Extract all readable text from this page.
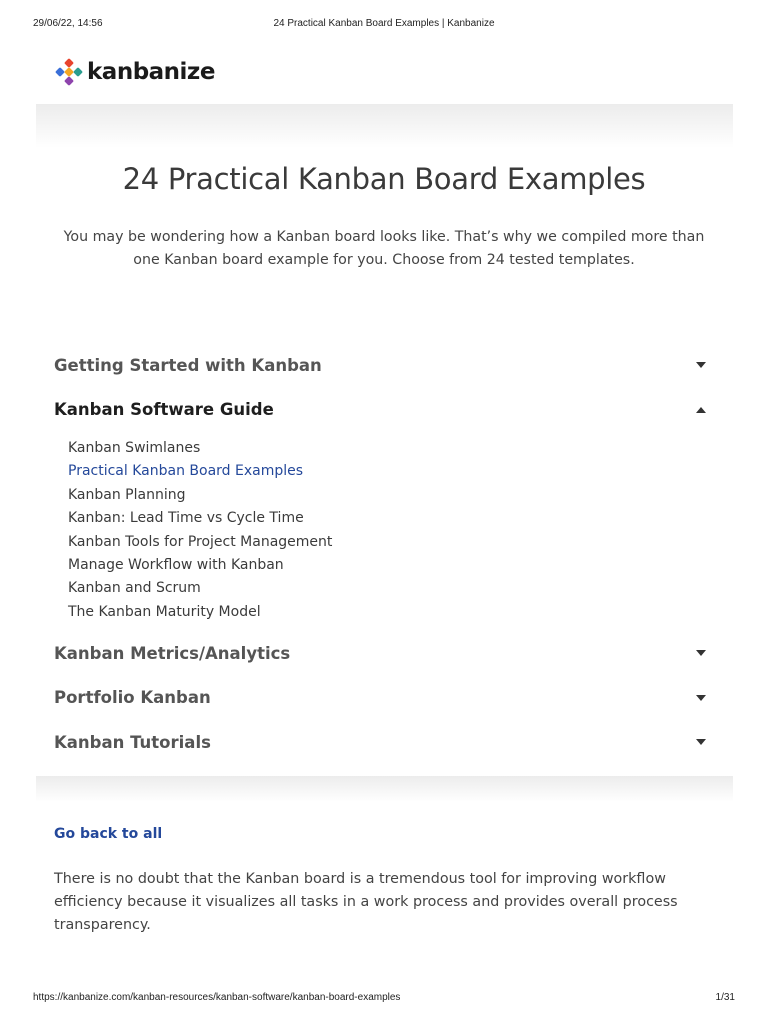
29/06/22, 14:56	24 Practical Kanban Board Examples | Kanbanize
kanbanize
24 Practical Kanban Board Examples

You may be wondering how a Kanban board looks like. That’s why we compiled more than one Kanban board example for you. Choose from 24 tested templates.

Getting Started with Kanban
Kanban Software Guide
Kanban Swimlanes
Practical Kanban Board Examples
Kanban Planning
Kanban: Lead Time vs Cycle Time
Kanban Tools for Project Management
Manage Workflow with Kanban
Kanban and Scrum
The Kanban Maturity Model
Kanban Metrics/Analytics
Portfolio Kanban
Kanban Tutorials
Go back to all

There is no doubt that the Kanban board is a tremendous tool for improving workflow efficiency because it visualizes all tasks in a work process and provides overall process transparency.

https://kanbanize.com/kanban-resources/kanban-software/kanban-board-examples	1/31
